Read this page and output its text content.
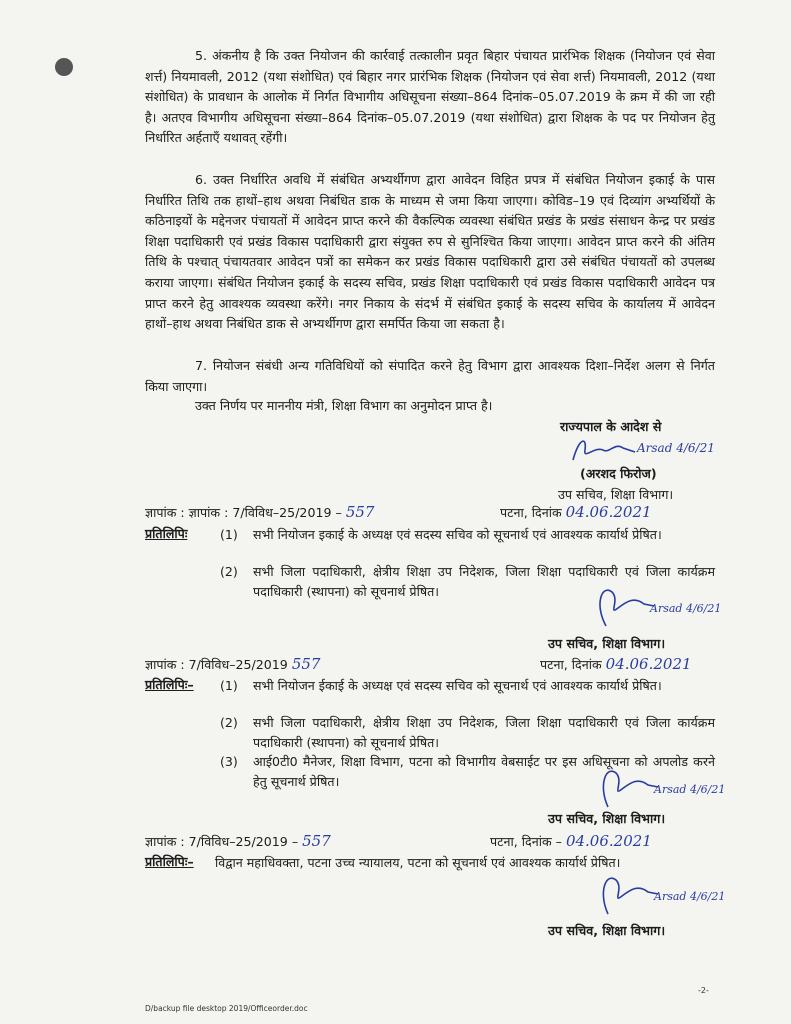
5. अंकनीय है कि उक्त नियोजन की कार्रवाई तत्कालीन प्रवृत बिहार पंचायत प्रारंभिक शिक्षक (नियोजन एवं सेवा शर्त्त) नियमावली, 2012 (यथा संशोधित) एवं बिहार नगर प्रारंभिक शिक्षक (नियोजन एवं सेवा शर्त्त) नियमावली, 2012 (यथा संशोधित) के प्रावधान के आलोक में निर्गत विभागीय अधिसूचना संख्या–864 दिनांक–05.07.2019 के क्रम में की जा रही है। अतएव विभागीय अधिसूचना संख्या–864 दिनांक–05.07.2019 (यथा संशोधित) द्वारा शिक्षक के पद पर नियोजन हेतु निर्धारित अर्हताएँ यथावत् रहेंगी।
6. उक्त निर्धारित अवधि में संबंधित अभ्यर्थीगण द्वारा आवेदन विहित प्रपत्र में संबंधित नियोजन इकाई के पास निर्धारित तिथि तक हाथों–हाथ अथवा निबंधित डाक के माध्यम से जमा किया जाएगा। कोविड–19 एवं दिव्यांग अभ्यर्थियों के कठिनाइयों के मद्देनजर पंचायतों में आवेदन प्राप्त करने की वैकल्पिक व्यवस्था संबंधित प्रखंड के प्रखंड संसाधन केन्द्र पर प्रखंड शिक्षा पदाधिकारी एवं प्रखंड विकास पदाधिकारी द्वारा संयुक्त रुप से सुनिश्चित किया जाएगा। आवेदन प्राप्त करने की अंतिम तिथि के पश्चात् पंचायतवार आवेदन पत्रों का समेकन कर प्रखंड विकास पदाधिकारी द्वारा उसे संबंधित पंचायतों को उपलब्ध कराया जाएगा। संबंधित नियोजन इकाई के सदस्य सचिव, प्रखंड शिक्षा पदाधिकारी एवं प्रखंड विकास पदाधिकारी आवेदन पत्र प्राप्त करने हेतु आवश्यक व्यवस्था करेंगे। नगर निकाय के संदर्भ में संबंधित इकाई के सदस्य सचिव के कार्यालय में आवेदन हाथों–हाथ अथवा निबंधित डाक से अभ्यर्थीगण द्वारा समर्पित किया जा सकता है।
7. नियोजन संबंधी अन्य गतिविधियों को संपादित करने हेतु विभाग द्वारा आवश्यक दिशा–निर्देश अलग से निर्गत किया जाएगा।
उक्त निर्णय पर माननीय मंत्री, शिक्षा विभाग का अनुमोदन प्राप्त है।
राज्यपाल के आदेश से
Arsad 4/6/21
(अरशद फिरोज)
उप सचिव, शिक्षा विभाग।
ज्ञापांक : ज्ञापांक : 7/विविध–25/2019 – 557	पटना, दिनांक 04.06.2021
प्रतिलिपिः	(1) सभी नियोजन इकाई के अध्यक्ष एवं सदस्य सचिव को सूचनार्थ एवं आवश्यक कार्यार्थ प्रेषित।
(2) सभी जिला पदाधिकारी, क्षेत्रीय शिक्षा उप निदेशक, जिला शिक्षा पदाधिकारी एवं जिला कार्यक्रम पदाधिकारी (स्थापना) को सूचनार्थ प्रेषित।
Arsad 4/6/21
उप सचिव, शिक्षा विभाग।
ज्ञापांक : 7/विविध–25/2019 557	पटना, दिनांक 04.06.2021
प्रतिलिपिः– (1) सभी नियोजन ईकाई के अध्यक्ष एवं सदस्य सचिव को सूचनार्थ एवं आवश्यक कार्यार्थ प्रेषित।
(2) सभी जिला पदाधिकारी, क्षेत्रीय शिक्षा उप निदेशक, जिला शिक्षा पदाधिकारी एवं जिला कार्यक्रम पदाधिकारी (स्थापना) को सूचनार्थ प्रेषित।
(3) आई0टी0 मैनेजर, शिक्षा विभाग, पटना को विभागीय वेबसाईट पर इस अधिसूचना को अपलोड करने हेतु सूचनार्थ प्रेषित।
Arsad 4/6/21
उप सचिव, शिक्षा विभाग।
ज्ञापांक : 7/विविध–25/2019 – 557	पटना, दिनांक – 04.06.2021
प्रतिलिपिः– विद्वान महाधिवक्ता, पटना उच्च न्यायालय, पटना को सूचनार्थ एवं आवश्यक कार्यार्थ प्रेषित।
Arsad 4/6/21
उप सचिव, शिक्षा विभाग।
-2-
D/backup file desktop 2019/Officeorder.doc
